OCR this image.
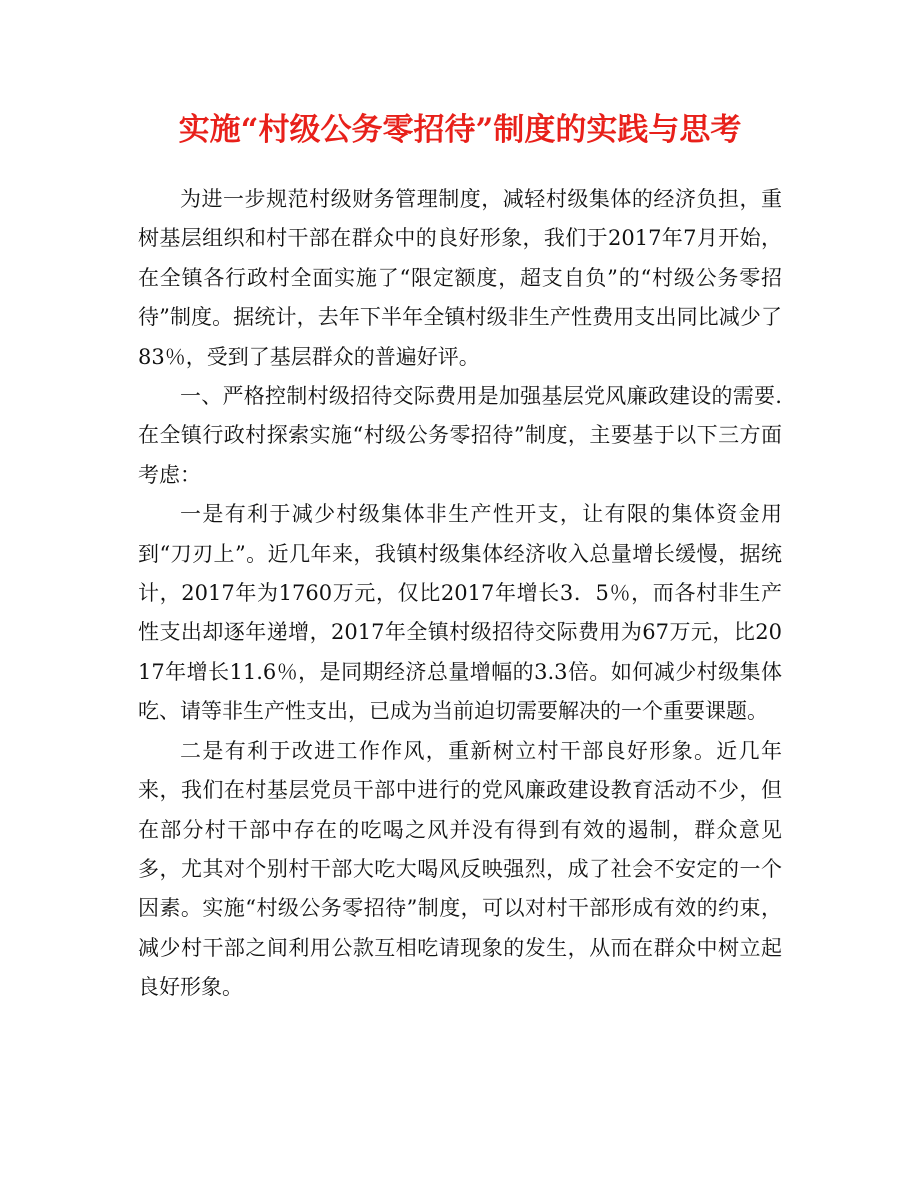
实施“村级公务零招待”制度的实践与思考

为进一步规范村级财务管理制度，减轻村级集体的经济负担，重树基层组织和村干部在群众中的良好形象，我们于2017年7月开始，在全镇各行政村全面实施了“限定额度，超支自负”的“村级公务零招待”制度。据统计，去年下半年全镇村级非生产性费用支出同比减少了83％，受到了基层群众的普遍好评。

一、严格控制村级招待交际费用是加强基层党风廉政建设的需要.在全镇行政村探索实施“村级公务零招待”制度，主要基于以下三方面考虑：

一是有利于减少村级集体非生产性开支，让有限的集体资金用到“刀刃上”。近几年来，我镇村级集体经济收入总量增长缓慢，据统计，2017年为1760万元，仅比2017年增长3．5％，而各村非生产性支出却逐年递增，2017年全镇村级招待交际费用为67万元，比2017年增长11.6％，是同期经济总量增幅的3.3倍。如何减少村级集体吃、请等非生产性支出，已成为当前迫切需要解决的一个重要课题。

二是有利于改进工作作风，重新树立村干部良好形象。近几年来，我们在村基层党员干部中进行的党风廉政建设教育活动不少，但在部分村干部中存在的吃喝之风并没有得到有效的遏制，群众意见多，尤其对个别村干部大吃大喝风反映强烈，成了社会不安定的一个因素。实施“村级公务零招待”制度，可以对村干部形成有效的约束，减少村干部之间利用公款互相吃请现象的发生，从而在群众中树立起良好形象。
